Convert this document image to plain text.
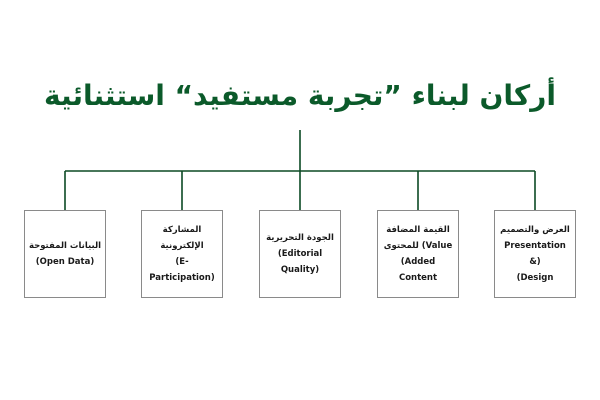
أركان لبناء ”تجربة مستفيد“ استثنائية
البيانات المفتوحة
(Open Data)
المشاركة
الإلكترونية
(E-Participation)
الجودة التحريرية
(Editorial Quality)
القيمة المضافة
للمحتوى (Value
(Added Content
العرض والتصميم
Presentation &)
(Design
